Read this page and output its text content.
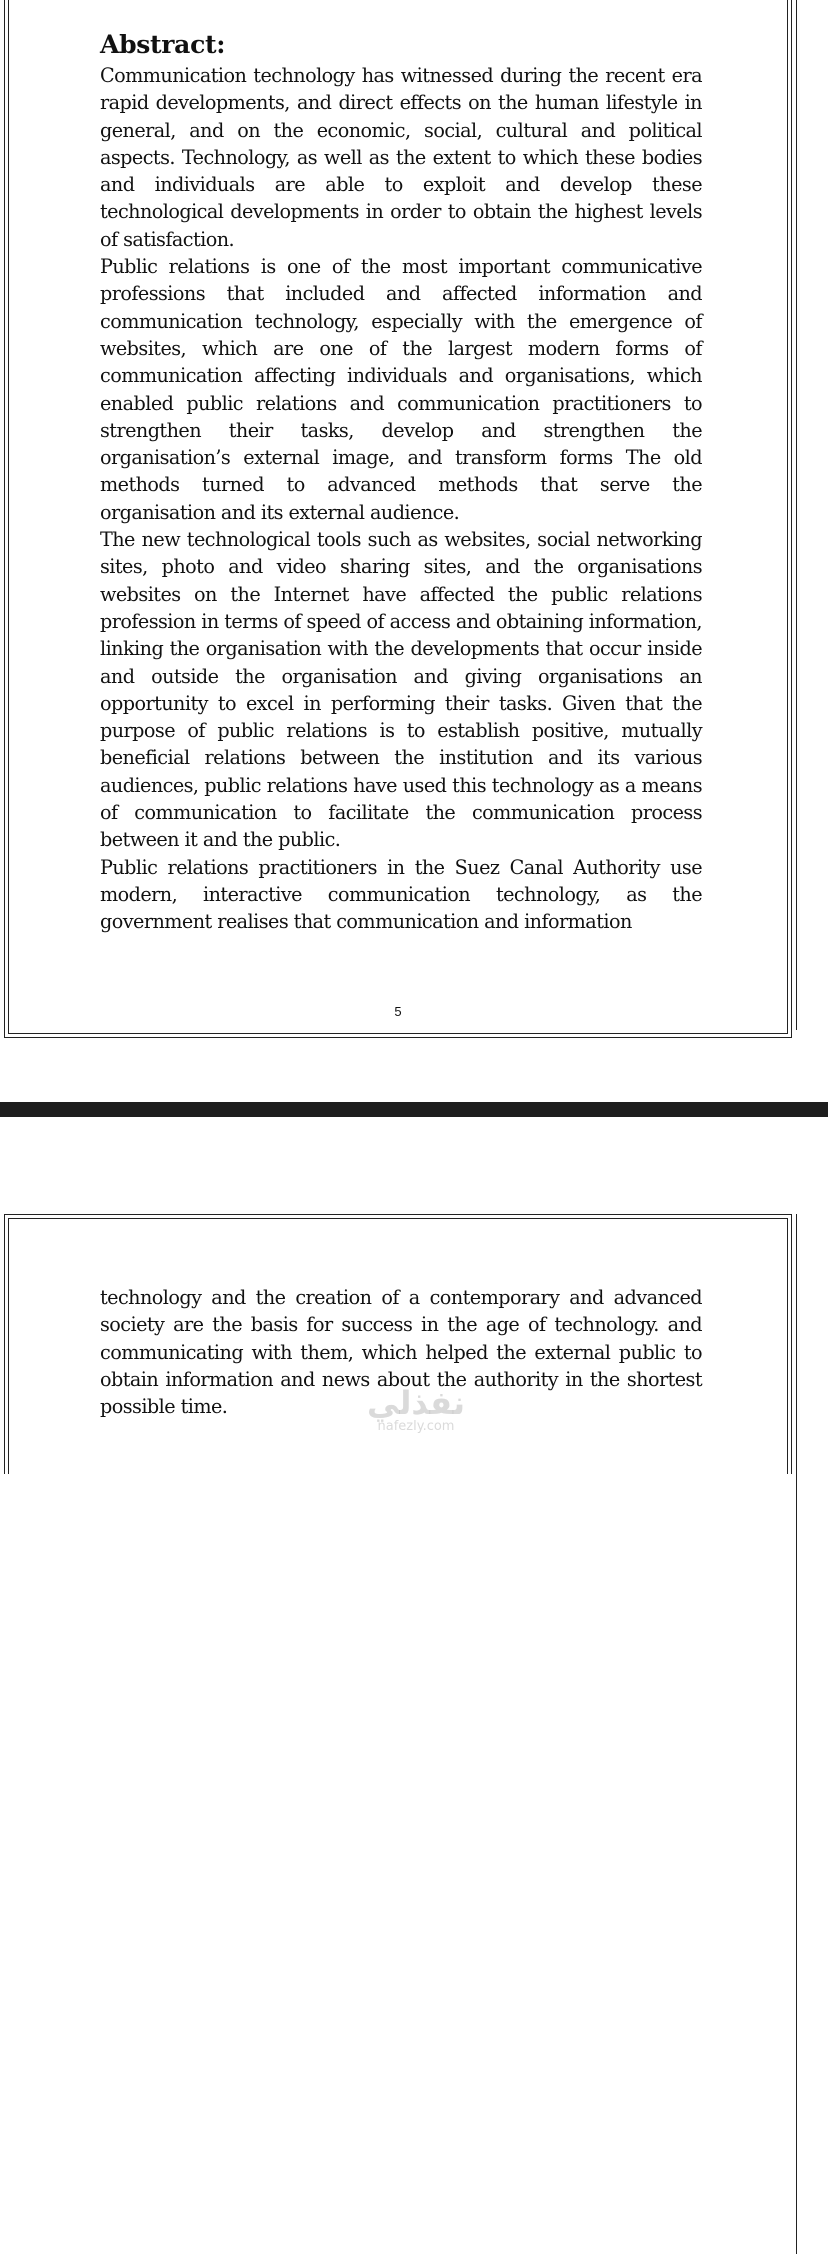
Abstract:

Communication technology has witnessed during the recent era rapid developments, and direct effects on the human lifestyle in general, and on the economic, social, cultural and political aspects. Technology, as well as the extent to which these bodies and individuals are able to exploit and develop these technological developments in order to obtain the highest levels of satisfaction.

Public relations is one of the most important communicative professions that included and affected information and communication technology, especially with the emergence of websites, which are one of the largest modern forms of communication affecting individuals and organisations, which enabled public relations and communication practitioners to strengthen their tasks, develop and strengthen the organisation’s external image, and transform forms The old methods turned to advanced methods that serve the organisation and its external audience.

The new technological tools such as websites, social networking sites, photo and video sharing sites, and the organisations websites on the Internet have affected the public relations profession in terms of speed of access and obtaining information, linking the organisation with the developments that occur inside and outside the organisation and giving organisations an opportunity to excel in performing their tasks. Given that the purpose of public relations is to establish positive, mutually beneficial relations between the institution and its various audiences, public relations have used this technology as a means of communication to facilitate the communication process between it and the public.

Public relations practitioners in the Suez Canal Authority use modern, interactive communication technology, as the government realises that communication and information

5

technology and the creation of a contemporary and advanced society are the basis for success in the age of technology. and communicating with them, which helped the external public to obtain information and news about the authority in the shortest possible time.	نفذلي
nafezly.com
